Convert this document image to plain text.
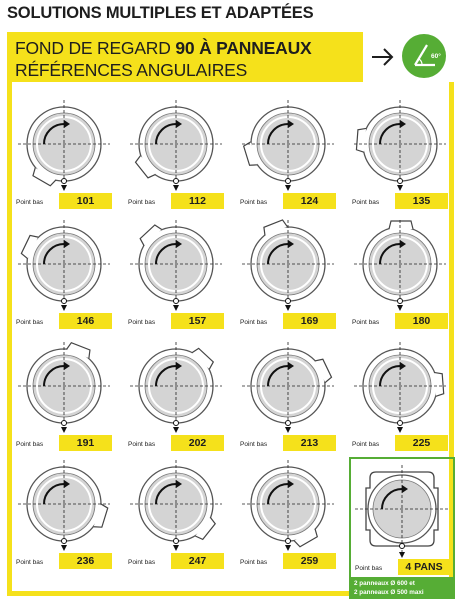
SOLUTIONS MULTIPLES ET ADAPTÉES
FOND DE REGARD 90 À PANNEAUX
RÉFÉRENCES ANGULAIRES
60°
Point bas	101	Point bas	112	Point bas	124	Point bas	135
Point bas	146	Point bas	157	Point bas	169	Point bas	180
Point bas	191	Point bas	202	Point bas	213	Point bas	225
Point bas	236	Point bas	247	Point bas	259
Point bas	4 PANS
2 panneaux Ø 600 et
2 panneaux Ø 500 maxi
